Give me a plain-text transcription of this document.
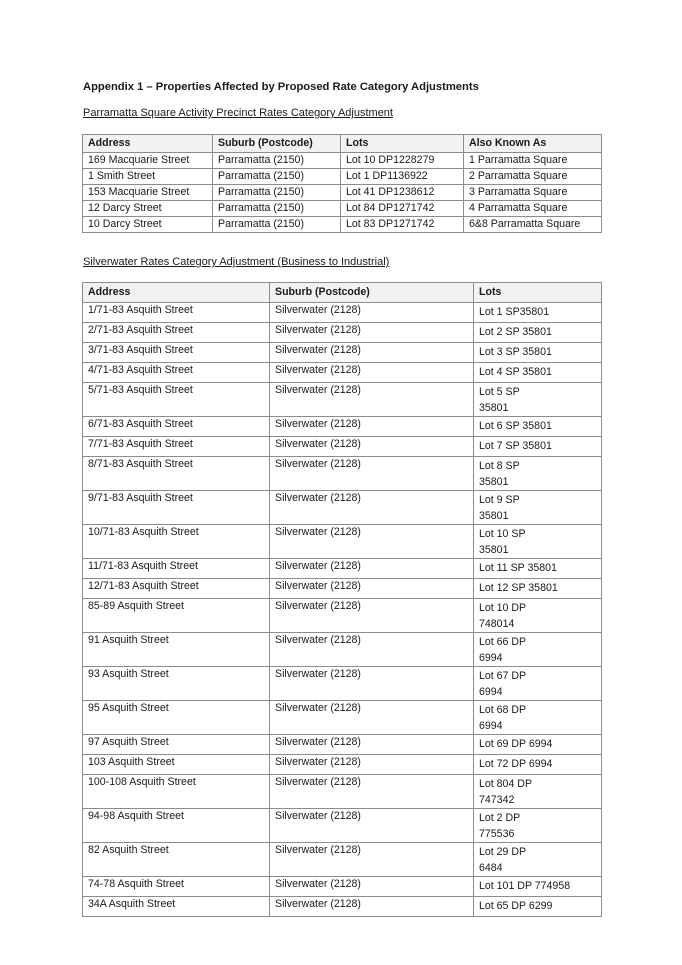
Appendix 1 – Properties Affected by Proposed Rate Category Adjustments
Parramatta Square Activity Precinct Rates Category Adjustment
Address	Suburb (Postcode)	Lots	Also Known As
169 Macquarie Street	Parramatta (2150)	Lot 10 DP1228279	1 Parramatta Square
1 Smith Street	Parramatta (2150)	Lot 1 DP1136922	2 Parramatta Square
153 Macquarie Street	Parramatta (2150)	Lot 41 DP1238612	3 Parramatta Square
12 Darcy Street	Parramatta (2150)	Lot 84 DP1271742	4 Parramatta Square
10 Darcy Street	Parramatta (2150)	Lot 83 DP1271742	6&8 Parramatta Square
Silverwater Rates Category Adjustment (Business to Industrial)
Address	Suburb (Postcode)	Lots
1/71-83 Asquith Street	Silverwater (2128)	Lot 1 SP35801

2/71-83 Asquith Street	Silverwater (2128)	Lot 2 SP 35801

3/71-83 Asquith Street	Silverwater (2128)	Lot 3 SP 35801

4/71-83 Asquith Street	Silverwater (2128)	Lot 4 SP 35801

5/71-83 Asquith Street	Silverwater (2128)	Lot 5 SP
35801

6/71-83 Asquith Street	Silverwater (2128)	Lot 6 SP 35801

7/71-83 Asquith Street	Silverwater (2128)	Lot 7 SP 35801

8/71-83 Asquith Street	Silverwater (2128)	Lot 8 SP
35801

9/71-83 Asquith Street	Silverwater (2128)	Lot 9 SP
35801

10/71-83 Asquith Street	Silverwater (2128)	Lot 10 SP
35801

11/71-83 Asquith Street	Silverwater (2128)	Lot 11 SP 35801

12/71-83 Asquith Street	Silverwater (2128)	Lot 12 SP 35801

85-89 Asquith Street	Silverwater (2128)	Lot 10 DP
748014

91 Asquith Street	Silverwater (2128)	Lot 66 DP
6994

93 Asquith Street	Silverwater (2128)	Lot 67 DP
6994

95 Asquith Street	Silverwater (2128)	Lot 68 DP
6994

97 Asquith Street	Silverwater (2128)	Lot 69 DP 6994

103 Asquith Street	Silverwater (2128)	Lot 72 DP 6994

100-108 Asquith Street	Silverwater (2128)	Lot 804 DP
747342

94-98 Asquith Street	Silverwater (2128)	Lot 2 DP
775536

82 Asquith Street	Silverwater (2128)	Lot 29 DP
6484

74-78 Asquith Street	Silverwater (2128)	Lot 101 DP 774958

34A Asquith Street	Silverwater (2128)	Lot 65 DP 6299
